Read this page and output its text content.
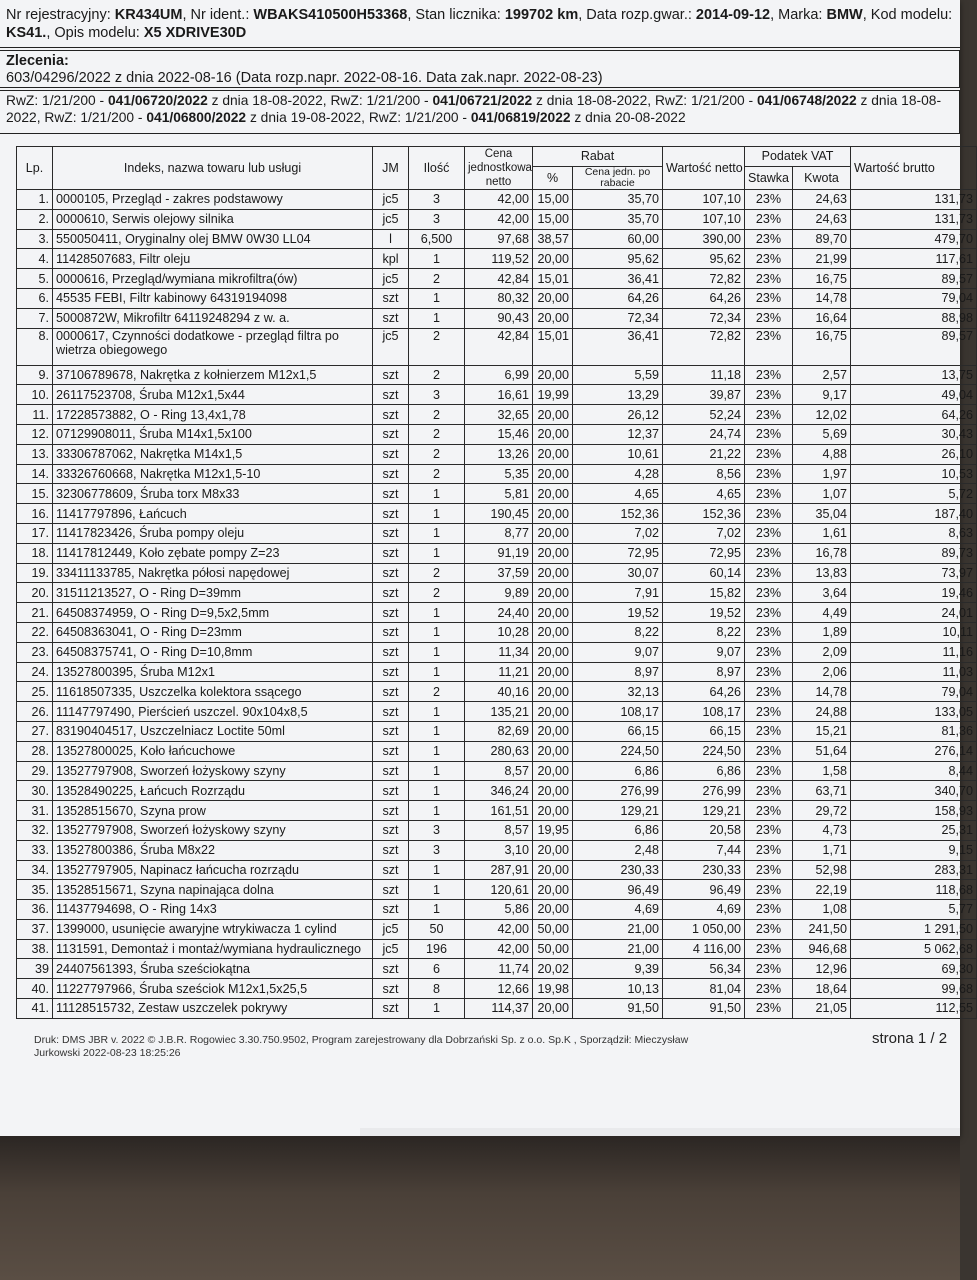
Nr rejestracyjny: KR434UM, Nr ident.: WBAKS410500H53368, Stan licznika: 199702 km, Data rozp.gwar.: 2014-09-12, Marka: BMW, Kod modelu:
KS41., Opis modelu: X5 XDRIVE30D
Zlecenia:
603/04296/2022 z dnia 2022-08-16 (Data rozp.napr. 2022-08-16. Data zak.napr. 2022-08-23)
RwZ: 1/21/200 - 041/06720/2022 z dnia 18-08-2022, RwZ: 1/21/200 - 041/06721/2022 z dnia 18-08-2022, RwZ: 1/21/200 - 041/06748/2022 z dnia 18-08-2022, RwZ: 1/21/200 - 041/06800/2022 z dnia 19-08-2022, RwZ: 1/21/200 - 041/06819/2022 z dnia 20-08-2022
Lp.	Indeks, nazwa towaru lub usługi	JM	Ilość	Cena jednostkowa netto	Rabat		Wartość netto	Podatek VAT		Wartość brutto
					%	Cena jedn. po rabacie		Stawka	Kwota	
1.	0000105, Przegląd - zakres podstawowy	jc5	3	42,00	15,00	35,70	107,10	23%	24,63	131,73
2.	0000610, Serwis olejowy silnika	jc5	3	42,00	15,00	35,70	107,10	23%	24,63	131,73
3.	550050411, Oryginalny olej BMW 0W30 LL04	l	6,500	97,68	38,57	60,00	390,00	23%	89,70	479,70
4.	11428507683, Filtr oleju	kpl	1	119,52	20,00	95,62	95,62	23%	21,99	117,61
5.	0000616, Przegląd/wymiana mikrofiltra(ów)	jc5	2	42,84	15,01	36,41	72,82	23%	16,75	89,57
6.	45535 FEBI, Filtr kabinowy 64319194098	szt	1	80,32	20,00	64,26	64,26	23%	14,78	79,04
7.	5000872W, Mikrofiltr 64119248294 z w. a.	szt	1	90,43	20,00	72,34	72,34	23%	16,64	88,98
8.	0000617, Czynności dodatkowe - przegląd filtra po wietrza obiegowego	jc5	2	42,84	15,01	36,41	72,82	23%	16,75	89,57
9.	37106789678, Nakrętka z kołnierzem M12x1,5	szt	2	6,99	20,00	5,59	11,18	23%	2,57	13,75
10.	26117523708, Śruba M12x1,5x44	szt	3	16,61	19,99	13,29	39,87	23%	9,17	49,04
11.	17228573882, O - Ring 13,4x1,78	szt	2	32,65	20,00	26,12	52,24	23%	12,02	64,26
12.	07129908011, Śruba M14x1,5x100	szt	2	15,46	20,00	12,37	24,74	23%	5,69	30,43
13.	33306787062, Nakrętka M14x1,5	szt	2	13,26	20,00	10,61	21,22	23%	4,88	26,10
14.	33326760668, Nakrętka M12x1,5-10	szt	2	5,35	20,00	4,28	8,56	23%	1,97	10,53
15.	32306778609, Śruba torx M8x33	szt	1	5,81	20,00	4,65	4,65	23%	1,07	5,72
16.	11417797896, Łańcuch	szt	1	190,45	20,00	152,36	152,36	23%	35,04	187,40
17.	11417823426, Śruba pompy oleju	szt	1	8,77	20,00	7,02	7,02	23%	1,61	8,63
18.	11417812449, Koło zębate pompy Z=23	szt	1	91,19	20,00	72,95	72,95	23%	16,78	89,73
19.	33411133785, Nakrętka półosi napędowej	szt	2	37,59	20,00	30,07	60,14	23%	13,83	73,97
20.	31511213527, O - Ring D=39mm	szt	2	9,89	20,00	7,91	15,82	23%	3,64	19,46
21.	64508374959, O - Ring D=9,5x2,5mm	szt	1	24,40	20,00	19,52	19,52	23%	4,49	24,01
22.	64508363041, O - Ring D=23mm	szt	1	10,28	20,00	8,22	8,22	23%	1,89	10,11
23.	64508375741, O - Ring D=10,8mm	szt	1	11,34	20,00	9,07	9,07	23%	2,09	11,16
24.	13527800395, Śruba M12x1	szt	1	11,21	20,00	8,97	8,97	23%	2,06	11,03
25.	11618507335, Uszczelka kolektora ssącego	szt	2	40,16	20,00	32,13	64,26	23%	14,78	79,04
26.	11147797490, Pierścień uszczel. 90x104x8,5	szt	1	135,21	20,00	108,17	108,17	23%	24,88	133,05
27.	83190404517, Uszczelniacz Loctite 50ml	szt	1	82,69	20,00	66,15	66,15	23%	15,21	81,36
28.	13527800025, Koło łańcuchowe	szt	1	280,63	20,00	224,50	224,50	23%	51,64	276,14
29.	13527797908, Sworzeń łożyskowy szyny	szt	1	8,57	20,00	6,86	6,86	23%	1,58	8,44
30.	13528490225, Łańcuch Rozrządu	szt	1	346,24	20,00	276,99	276,99	23%	63,71	340,70
31.	13528515670, Szyna prow	szt	1	161,51	20,00	129,21	129,21	23%	29,72	158,93
32.	13527797908, Sworzeń łożyskowy szyny	szt	3	8,57	19,95	6,86	20,58	23%	4,73	25,31
33.	13527800386, Śruba M8x22	szt	3	3,10	20,00	2,48	7,44	23%	1,71	9,15
34.	13527797905, Napinacz łańcucha rozrządu	szt	1	287,91	20,00	230,33	230,33	23%	52,98	283,31
35.	13528515671, Szyna napinająca dolna	szt	1	120,61	20,00	96,49	96,49	23%	22,19	118,68
36.	11437794698, O - Ring 14x3	szt	1	5,86	20,00	4,69	4,69	23%	1,08	5,77
37.	1399000, usunięcie awaryjne wtrykiwacza 1 cylind	jc5	50	42,00	50,00	21,00	1 050,00	23%	241,50	1 291,50
38.	1131591, Demontaż i montaż/wymiana hydraulicznego	jc5	196	42,00	50,00	21,00	4 116,00	23%	946,68	5 062,68
39	24407561393, Śruba sześciokątna	szt	6	11,74	20,02	9,39	56,34	23%	12,96	69,30
40.	11227797966, Śruba sześciok M12x1,5x25,5	szt	8	12,66	19,98	10,13	81,04	23%	18,64	99,68
41.	11128515732, Zestaw uszczelek pokrywy	szt	1	114,37	20,00	91,50	91,50	23%	21,05	112,55
Druk: DMS JBR v. 2022 © J.B.R. Rogowiec 3.30.750.9502, Program zarejestrowany dla Dobrzański Sp. z o.o. Sp.K , Sporządził: Mieczysław
Jurkowski 2022-08-23 18:25:26
strona 1 / 2
